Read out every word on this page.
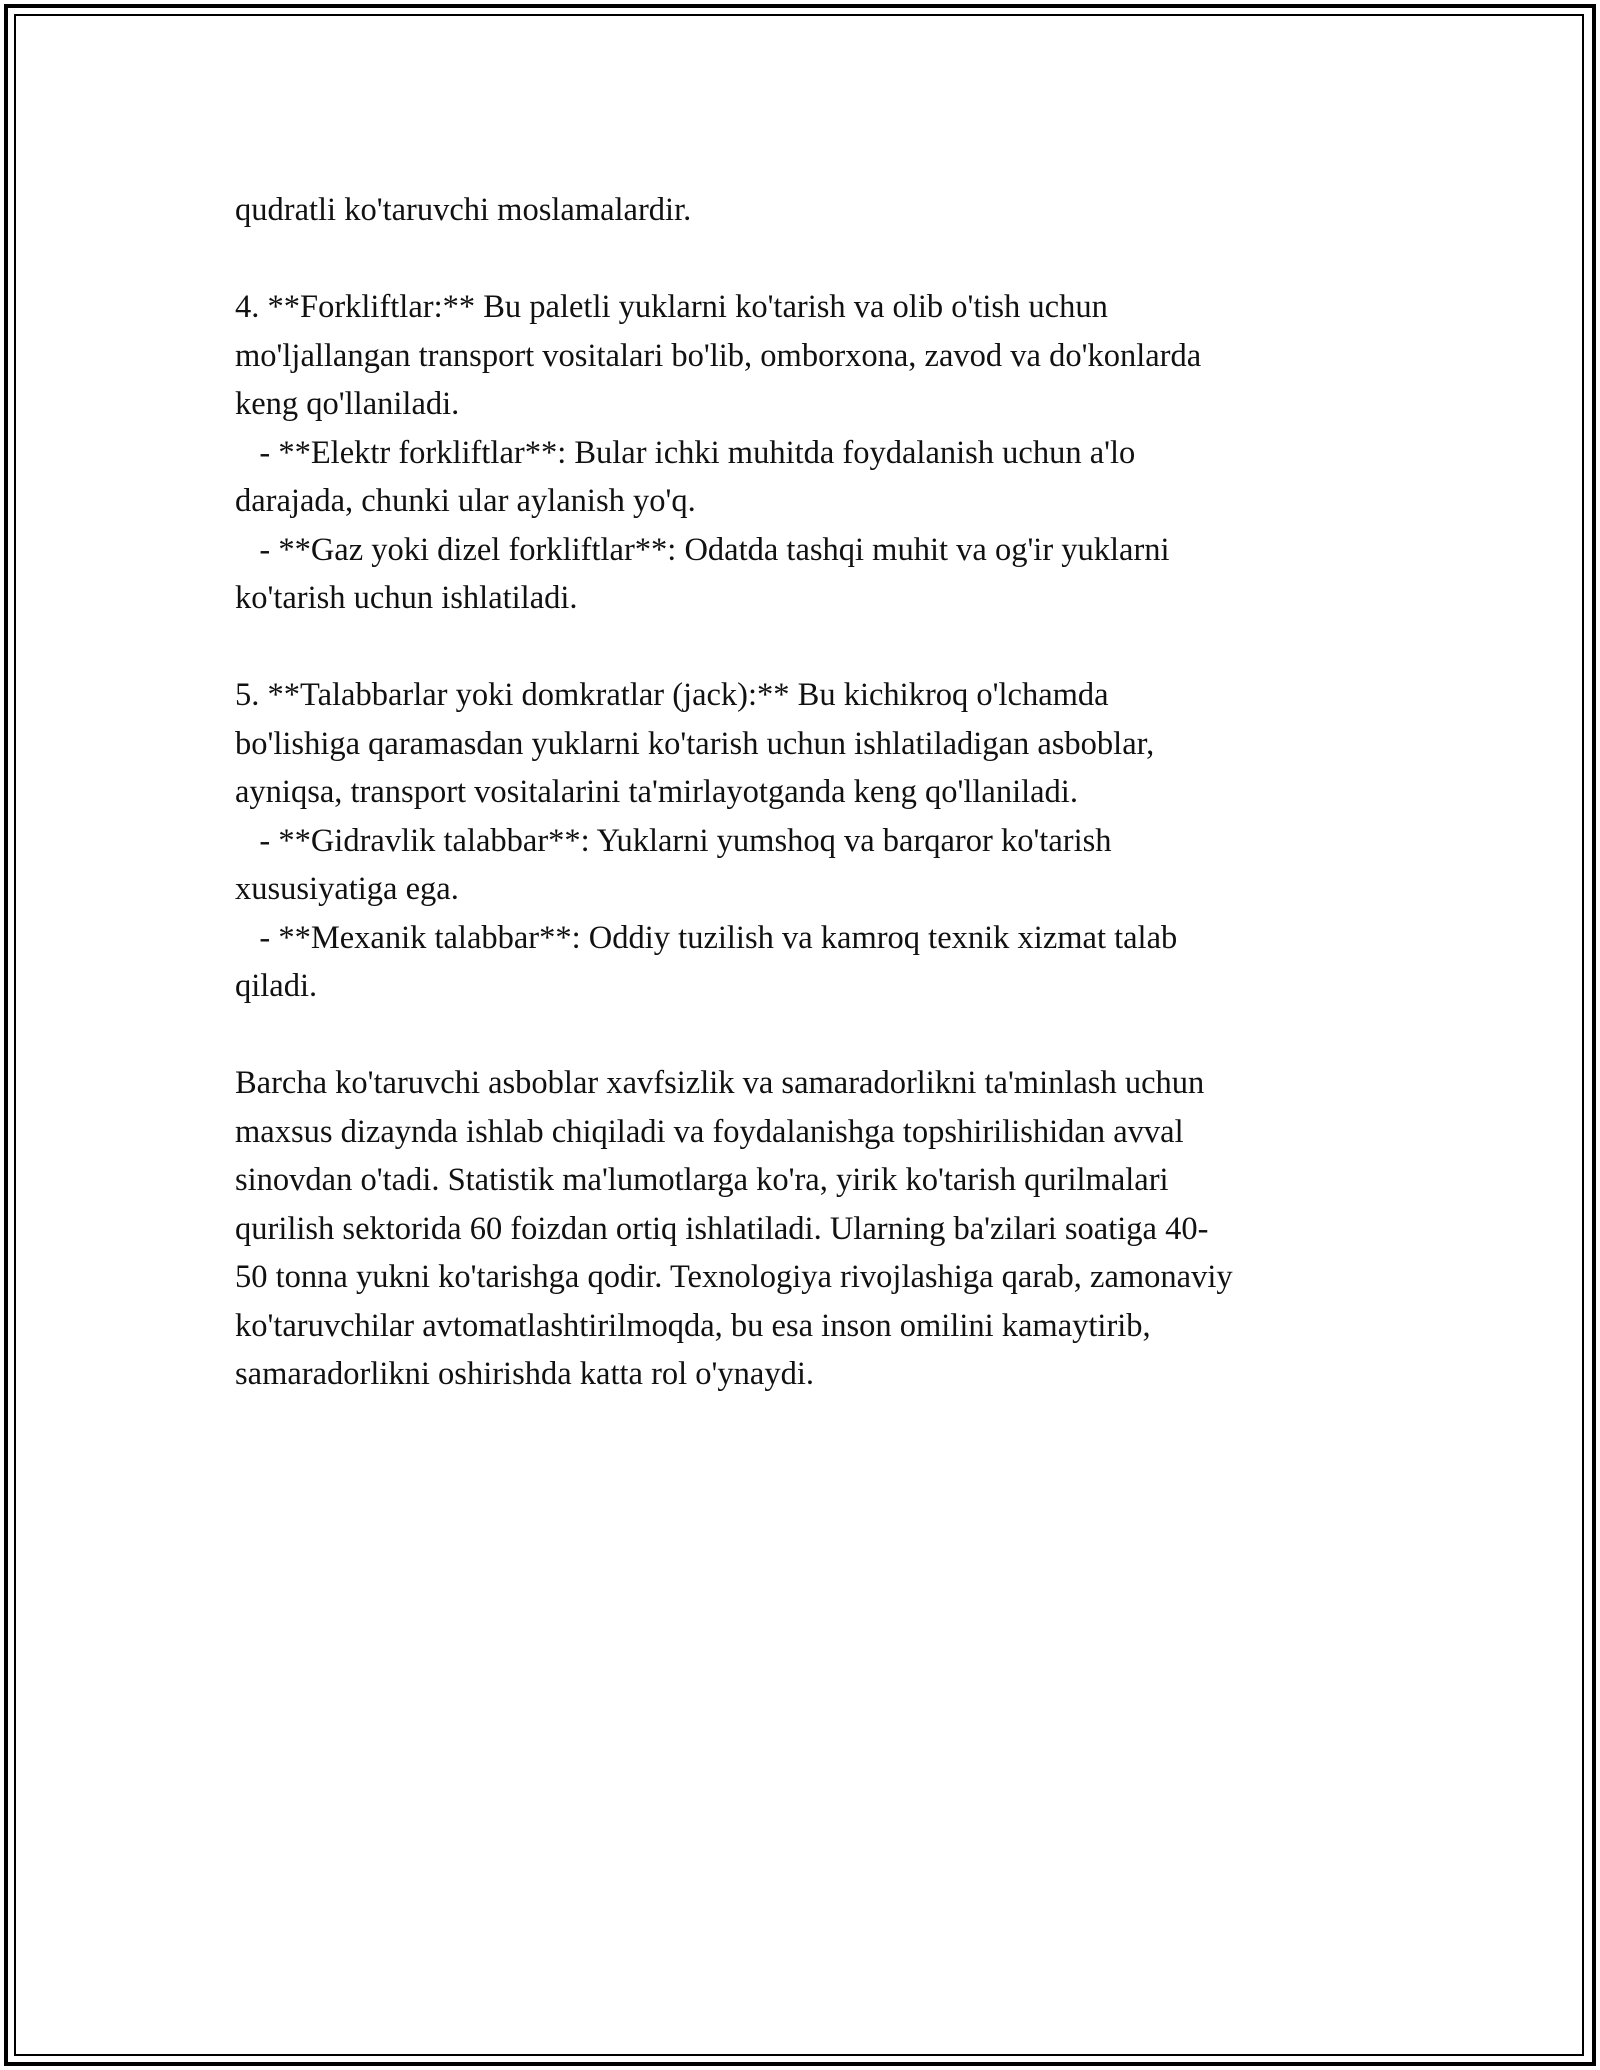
qudratli ko'taruvchi moslamalardir.
4. **Forkliftlar:** Bu paletli yuklarni ko'tarish va olib o'tish uchun
mo'ljallangan transport vositalari bo'lib, omborxona, zavod va do'konlarda
keng qo'llaniladi.
- **Elektr forkliftlar**: Bular ichki muhitda foydalanish uchun a'lo
darajada, chunki ular aylanish yo'q.
- **Gaz yoki dizel forkliftlar**: Odatda tashqi muhit va og'ir yuklarni
ko'tarish uchun ishlatiladi.
5. **Talabbarlar yoki domkratlar (jack):** Bu kichikroq o'lchamda
bo'lishiga qaramasdan yuklarni ko'tarish uchun ishlatiladigan asboblar,
ayniqsa, transport vositalarini ta'mirlayotganda keng qo'llaniladi.
- **Gidravlik talabbar**: Yuklarni yumshoq va barqaror ko'tarish
xususiyatiga ega.
- **Mexanik talabbar**: Oddiy tuzilish va kamroq texnik xizmat talab
qiladi.
Barcha ko'taruvchi asboblar xavfsizlik va samaradorlikni ta'minlash uchun
maxsus dizaynda ishlab chiqiladi va foydalanishga topshirilishidan avval
sinovdan o'tadi. Statistik ma'lumotlarga ko'ra, yirik ko'tarish qurilmalari
qurilish sektorida 60 foizdan ortiq ishlatiladi. Ularning ba'zilari soatiga 40-
50 tonna yukni ko'tarishga qodir. Texnologiya rivojlashiga qarab, zamonaviy
ko'taruvchilar avtomatlashtirilmoqda, bu esa inson omilini kamaytirib,
samaradorlikni oshirishda katta rol o'ynaydi.
